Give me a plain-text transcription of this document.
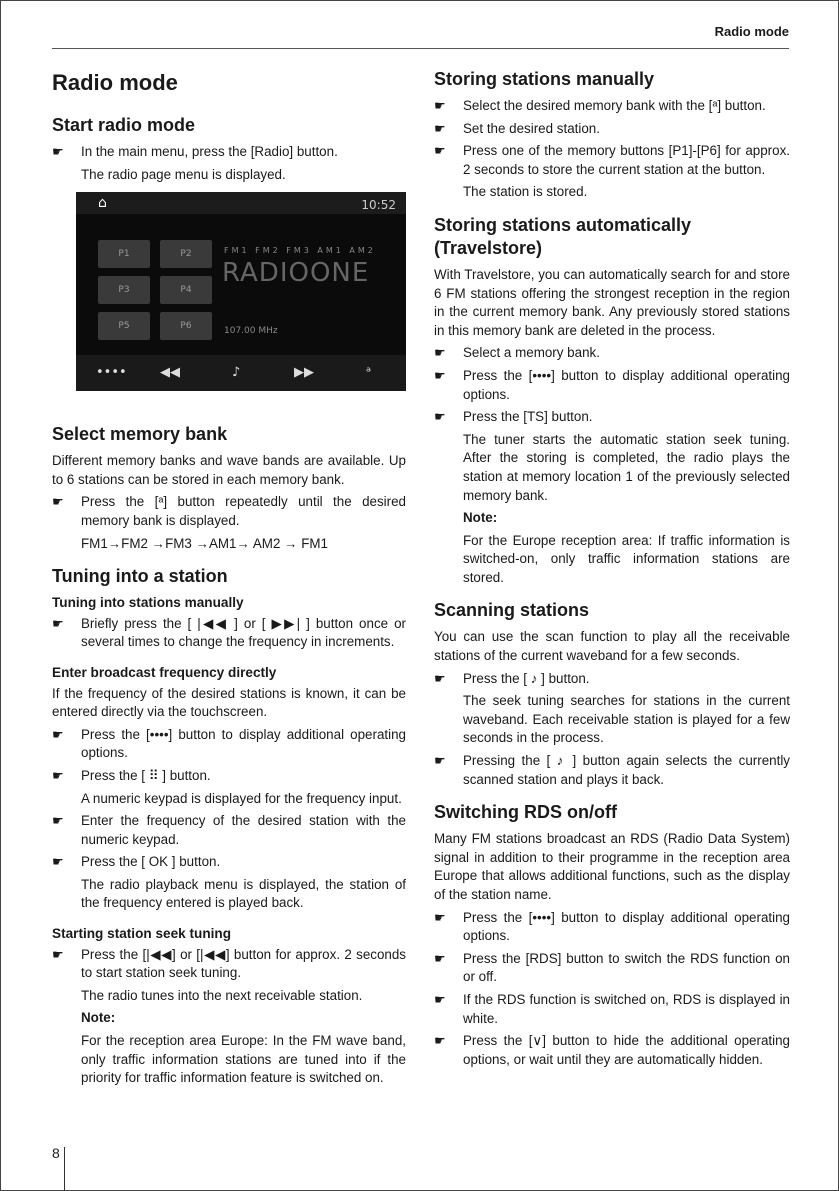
Radio mode
Radio mode
Start radio mode
☛	In the main menu, press the [Radio] button.
The radio page menu is displayed.
⌂	10:52
P1	P2
P3	P4
P5	P6
FM1 FM2 FM3 AM1 AM2
RADIOONE
107.00 MHz
••••	◀◀	♪	▶▶	ᵃ
Select memory bank

Different memory banks and wave bands are available. Up to 6 stations can be stored in each memory bank.

☛	Press the [ᵃ] button repeatedly until the desired memory bank is displayed.
FM1→FM2 →FM3 →AM1→ AM2 → FM1
Tuning into a station
Tuning into stations manually
☛	Briefly press the [ |◀◀ ] or [ ▶▶| ] button once or several times to change the frequency in increments.
Enter broadcast frequency directly

If the frequency of the desired stations is known, it can be entered directly via the touchscreen.

☛	Press the [••••] button to display additional operating options.
☛	Press the [ ⠿ ] button.
A numeric keypad is displayed for the frequency input.
☛	Enter the frequency of the desired station with the numeric keypad.
☛	Press the [ OK ] button.
The radio playback menu is displayed, the station of the frequency entered is played back.
Starting station seek tuning
☛	Press the [|◀◀] or [|◀◀] button for approx. 2 seconds to start station seek tuning.
The radio tunes into the next receivable station.
Note:
For the reception area Europe: In the FM wave band, only traffic information stations are tuned into if the priority for traffic information feature is switched on.
Storing stations manually
☛	Select the desired memory bank with the [ᵃ] button.
☛	Set the desired station.
☛	Press one of the memory buttons [P1]-[P6] for approx. 2 seconds to store the current station at the button.
The station is stored.
Storing stations automatically (Travelstore)

With Travelstore, you can automatically search for and store 6 FM stations offering the strongest reception in the region in the current memory bank. Any previously stored stations in this memory bank are deleted in the process.

☛	Select a memory bank.
☛	Press the [••••] button to display additional operating options.
☛	Press the [TS] button.
The tuner starts the automatic station seek tuning. After the storing is completed, the radio plays the station at memory location 1 of the previously selected memory bank.
Note:
For the Europe reception area: If traffic information is switched-on, only traffic information stations are stored.
Scanning stations

You can use the scan function to play all the receivable stations of the current waveband for a few seconds.

☛	Press the [ ♪ ] button.
The seek tuning searches for stations in the current waveband. Each receivable station is played for a few seconds in the process.
☛	Pressing the [ ♪ ] button again selects the currently scanned station and plays it back.
Switching RDS on/off

Many FM stations broadcast an RDS (Radio Data System) signal in addition to their programme in the reception area Europe that allows additional functions, such as the display of the station name.

☛	Press the [••••] button to display additional operating options.
☛	Press the [RDS] button to switch the RDS function on or off.
☛	If the RDS function is switched on, RDS is displayed in white.
☛	Press the [∨] button to hide the additional operating options, or wait until they are automatically hidden.
8
